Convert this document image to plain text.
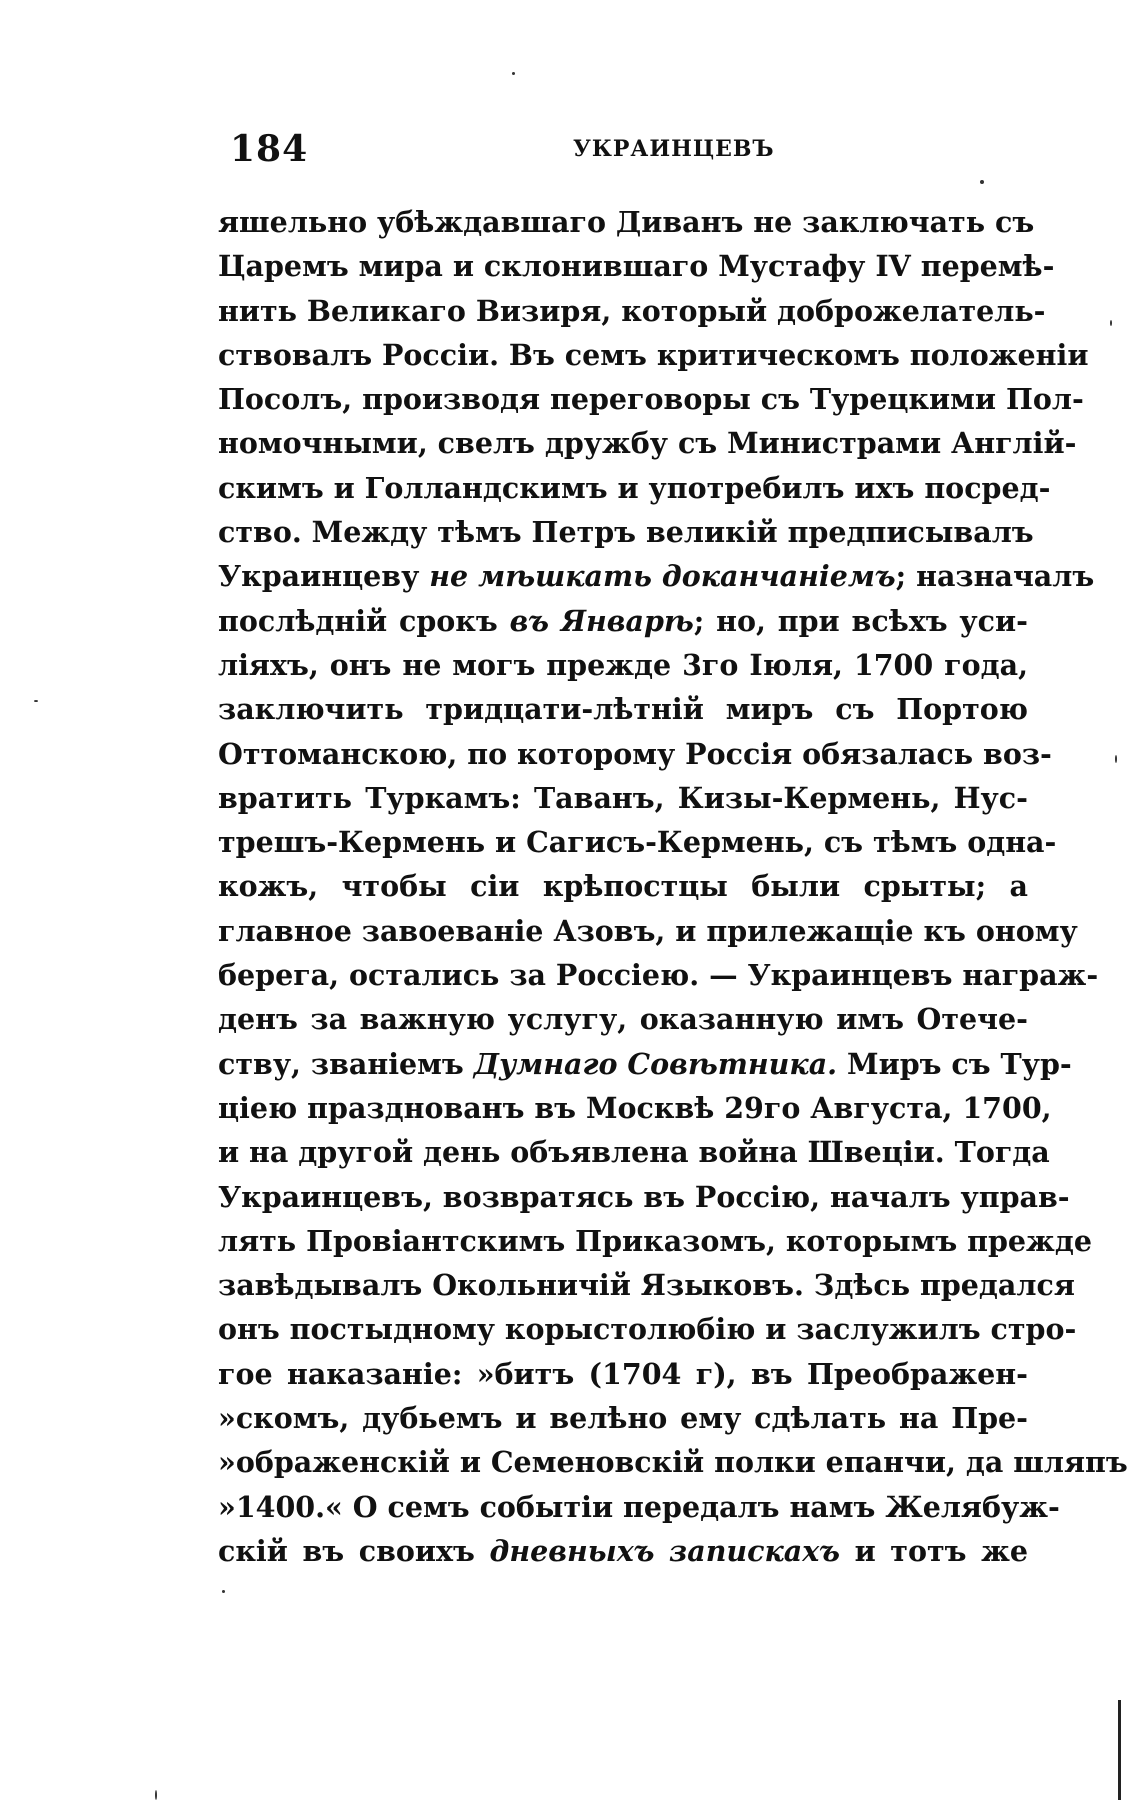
184	УКРАИНЦЕВЪ
яшельно убѣждавшаго Диванъ не заключать съ
Царемъ мира и склонившаго Мустафу IV перемѣ-
нить Великаго Визиря, который доброжелатель-
ствовалъ Россіи. Въ семъ критическомъ положеніи
Посолъ, производя переговоры съ Турецкими Пол-
номочными, свелъ дружбу съ Министрами Англій-
скимъ и Голландскимъ и употребилъ ихъ посред-
ство. Между тѣмъ Петръ великій предписывалъ
Украинцеву не мѣшкать доканчаніемъ; назначалъ
послѣдній срокъ въ Январѣ; но, при всѣхъ уси-
ліяхъ, онъ не могъ прежде 3го Іюля, 1700 года,
заключить тридцати-лѣтній миръ съ Портою
Оттоманскою, по которому Россія обязалась воз-
вратить Туркамъ: Таванъ, Кизы-Кермень, Нус-
трешъ-Кермень и Сагисъ-Кермень, съ тѣмъ одна-
кожъ, чтобы сіи крѣпостцы были срыты; а
главное завоеваніе Азовъ, и прилежащіе къ оному
берега, остались за Россіею. — Украинцевъ награж-
денъ за важную услугу, оказанную имъ Отече-
ству, званіемъ Думнаго Совѣтника. Миръ съ Тур-
ціею празднованъ въ Москвѣ 29го Августа, 1700,
и на другой день объявлена война Швеціи. Тогда
Украинцевъ, возвратясь въ Россію, началъ управ-
лять Провіантскимъ Приказомъ, которымъ прежде
завѣдывалъ Окольничій Языковъ. Здѣсь предался
онъ постыдному корыстолюбію и заслужилъ стро-
гое наказаніе: »битъ (1704 г), въ Преображен-
»скомъ, дубьемъ и велѣно ему сдѣлать на Пре-
»ображенскій и Семеновскій полки епанчи, да шляпъ
»1400.« О семъ событіи передалъ намъ Желябуж-
скій въ своихъ дневныхъ запискахъ и тотъ же
